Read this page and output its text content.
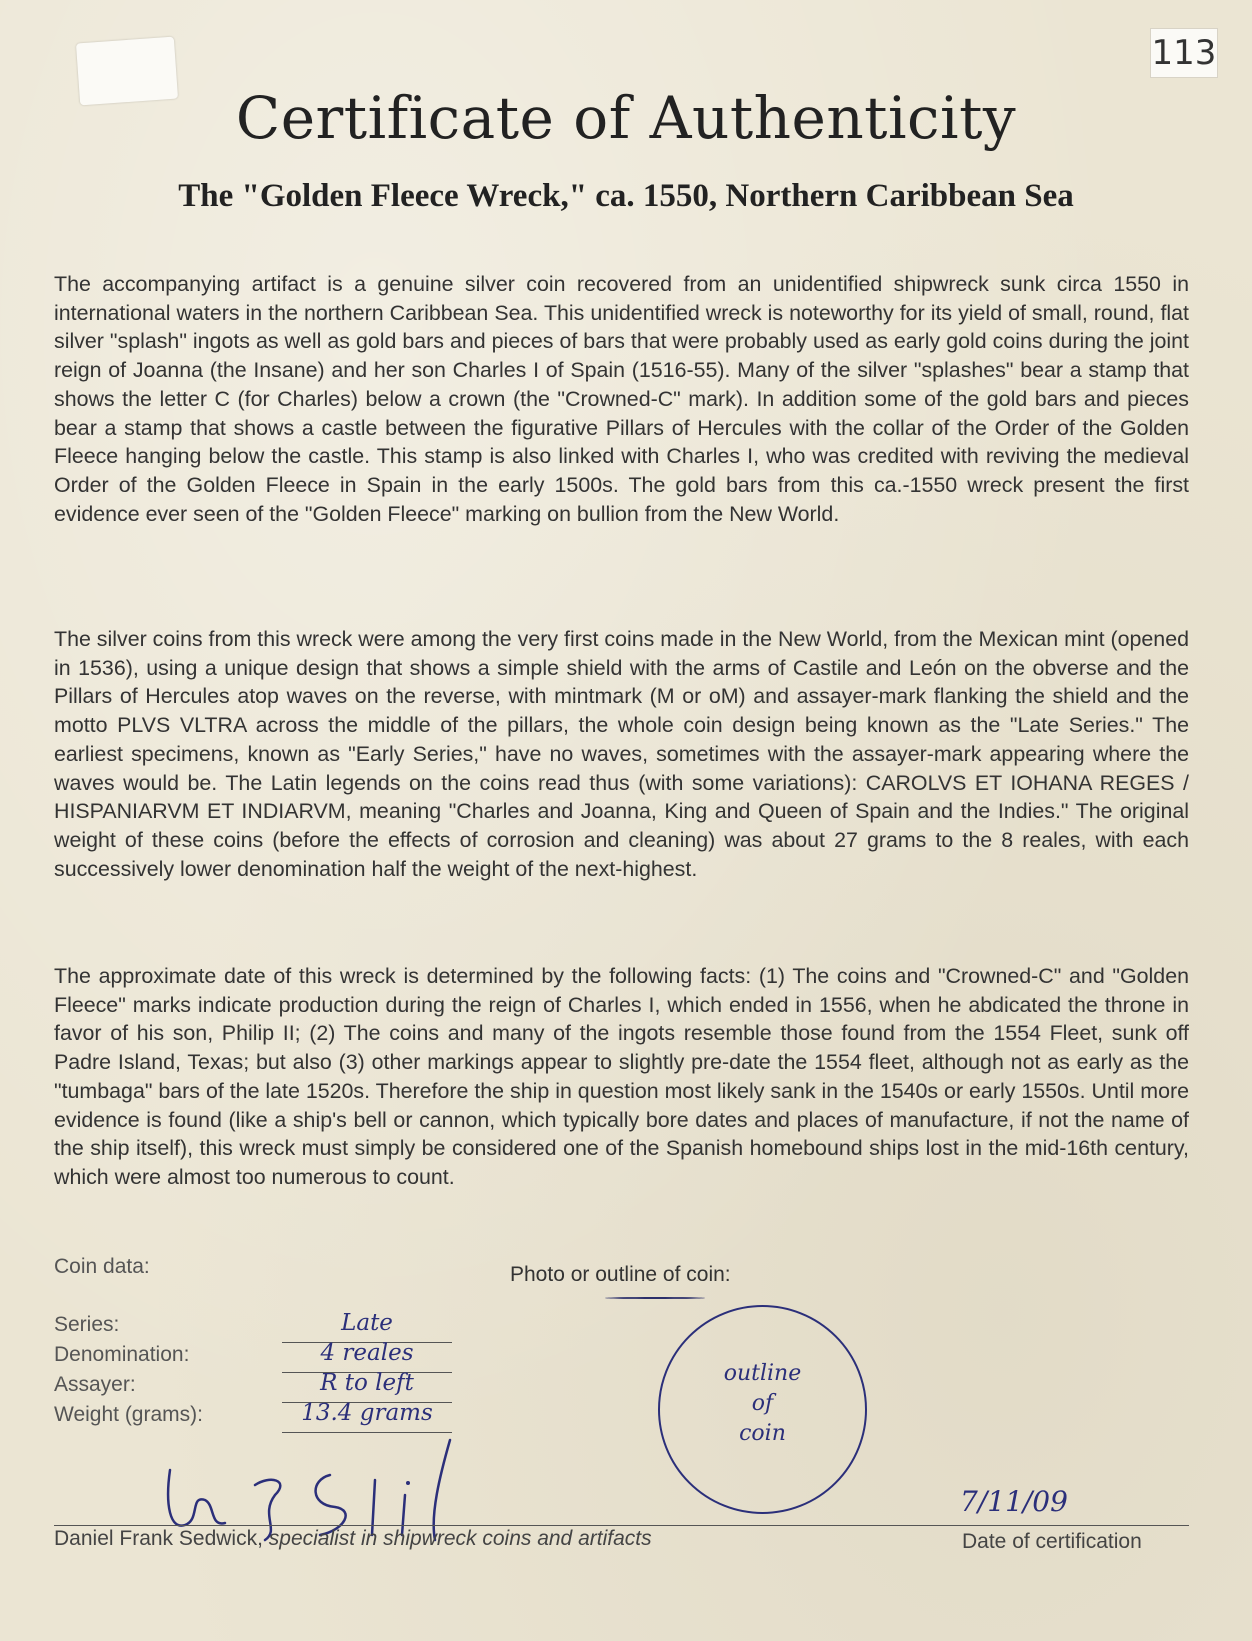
113
Certificate of Authenticity
The "Golden Fleece Wreck," ca. 1550, Northern Caribbean Sea

The accompanying artifact is a genuine silver coin recovered from an unidentified shipwreck sunk circa 1550 in international waters in the northern Caribbean Sea. This unidentified wreck is noteworthy for its yield of small, round, flat silver "splash" ingots as well as gold bars and pieces of bars that were probably used as early gold coins during the joint reign of Joanna (the Insane) and her son Charles I of Spain (1516-55). Many of the silver "splashes" bear a stamp that shows the letter C (for Charles) below a crown (the "Crowned-C" mark). In addition some of the gold bars and pieces bear a stamp that shows a castle between the figurative Pillars of Hercules with the collar of the Order of the Golden Fleece hanging below the castle. This stamp is also linked with Charles I, who was credited with reviving the medieval Order of the Golden Fleece in Spain in the early 1500s. The gold bars from this ca.-1550 wreck present the first evidence ever seen of the "Golden Fleece" marking on bullion from the New World.

The silver coins from this wreck were among the very first coins made in the New World, from the Mexican mint (opened in 1536), using a unique design that shows a simple shield with the arms of Castile and León on the obverse and the Pillars of Hercules atop waves on the reverse, with mintmark (M or oM) and assayer-mark flanking the shield and the motto PLVS VLTRA across the middle of the pillars, the whole coin design being known as the "Late Series." The earliest specimens, known as "Early Series," have no waves, sometimes with the assayer-mark appearing where the waves would be. The Latin legends on the coins read thus (with some variations): CAROLVS ET IOHANA REGES / HISPANIARVM ET INDIARVM, meaning "Charles and Joanna, King and Queen of Spain and the Indies." The original weight of these coins (before the effects of corrosion and cleaning) was about 27 grams to the 8 reales, with each successively lower denomination half the weight of the next-highest.

The approximate date of this wreck is determined by the following facts: (1) The coins and "Crowned-C" and "Golden Fleece" marks indicate production during the reign of Charles I, which ended in 1556, when he abdicated the throne in favor of his son, Philip II; (2) The coins and many of the ingots resemble those found from the 1554 Fleet, sunk off Padre Island, Texas; but also (3) other markings appear to slightly pre-date the 1554 fleet, although not as early as the "tumbaga" bars of the late 1520s. Therefore the ship in question most likely sank in the 1540s or early 1550s. Until more evidence is found (like a ship's bell or cannon, which typically bore dates and places of manufacture, if not the name of the ship itself), this wreck must simply be considered one of the Spanish homebound ships lost in the mid-16th century, which were almost too numerous to count.

Coin data:	Photo or outline of coin:
Series:	Late
Denomination:	4 reales
Assayer:	R to left
Weight (grams):	13.4 grams
outline
of
coin
7/11/09
Daniel Frank Sedwick, specialist in shipwreck coins and artifacts	Date of certification
